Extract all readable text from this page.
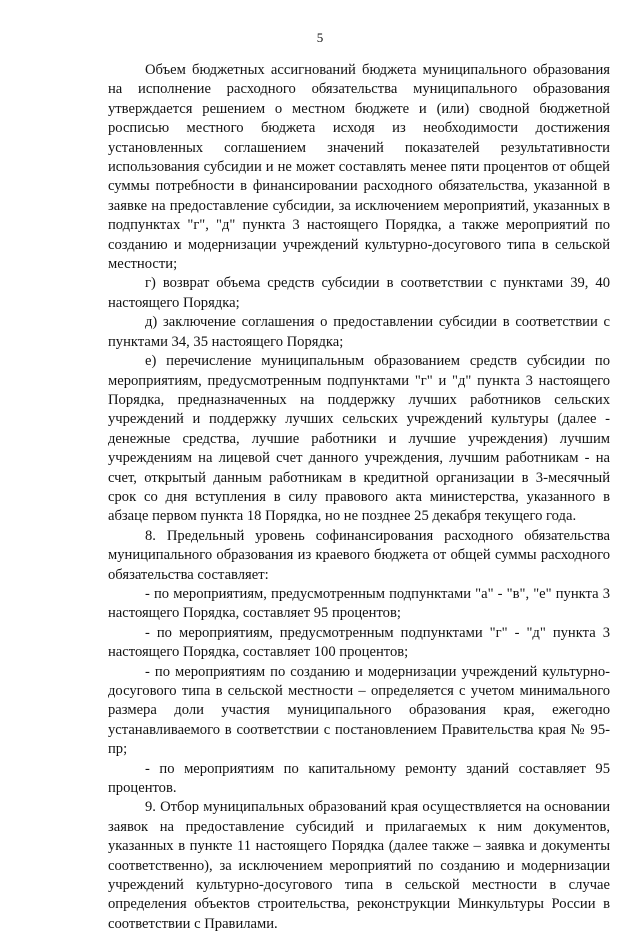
5

Объем бюджетных ассигнований бюджета муниципального образования на исполнение расходного обязательства муниципального образования утверждается решением о местном бюджете и (или) сводной бюджетной росписью местного бюджета исходя из необходимости достижения установленных соглашением значений показателей результативности использования субсидии и не может составлять менее пяти процентов от общей суммы потребности в финансировании расходного обязательства, указанной в заявке на предоставление субсидии, за исключением мероприятий, указанных в подпунктах "г", "д" пункта 3 настоящего Порядка, а также мероприятий по созданию и модернизации учреждений культурно-досугового типа в сельской местности;

г) возврат объема средств субсидии в соответствии с пунктами 39, 40 настоящего Порядка;

д) заключение соглашения о предоставлении субсидии в соответствии с пунктами 34, 35 настоящего Порядка;

е) перечисление муниципальным образованием средств субсидии по мероприятиям, предусмотренным подпунктами "г" и "д" пункта 3 настоящего Порядка, предназначенных на поддержку лучших работников сельских учреждений и поддержку лучших сельских учреждений культуры (далее - денежные средства, лучшие работники и лучшие учреждения) лучшим учреждениям на лицевой счет данного учреждения, лучшим работникам - на счет, открытый данным работникам в кредитной организации в 3-месячный срок со дня вступления в силу правового акта министерства, указанного в абзаце первом пункта 18 Порядка, но не позднее 25 декабря текущего года.

8. Предельный уровень софинансирования расходного обязательства муниципального образования из краевого бюджета от общей суммы расходного обязательства составляет:

- по мероприятиям, предусмотренным подпунктами "а" - "в", "е" пункта 3 настоящего Порядка, составляет 95 процентов;

- по мероприятиям, предусмотренным подпунктами "г" - "д" пункта 3 настоящего Порядка, составляет 100 процентов;

- по мероприятиям по созданию и модернизации учреждений культурно-досугового типа в сельской местности – определяется с учетом минимального размера доли участия муниципального образования края, ежегодно устанавливаемого в соответствии с постановлением Правительства края № 95-пр;

- по мероприятиям по капитальному ремонту зданий составляет 95 процентов.

9. Отбор муниципальных образований края осуществляется на основании заявок на предоставление субсидий и прилагаемых к ним документов, указанных в пункте 11 настоящего Порядка (далее также – заявка и документы соответственно), за исключением мероприятий по созданию и модернизации учреждений культурно-досугового типа в сельской местности в случае определения объектов строительства, реконструкции Минкультуры России в соответствии с Правилами.
